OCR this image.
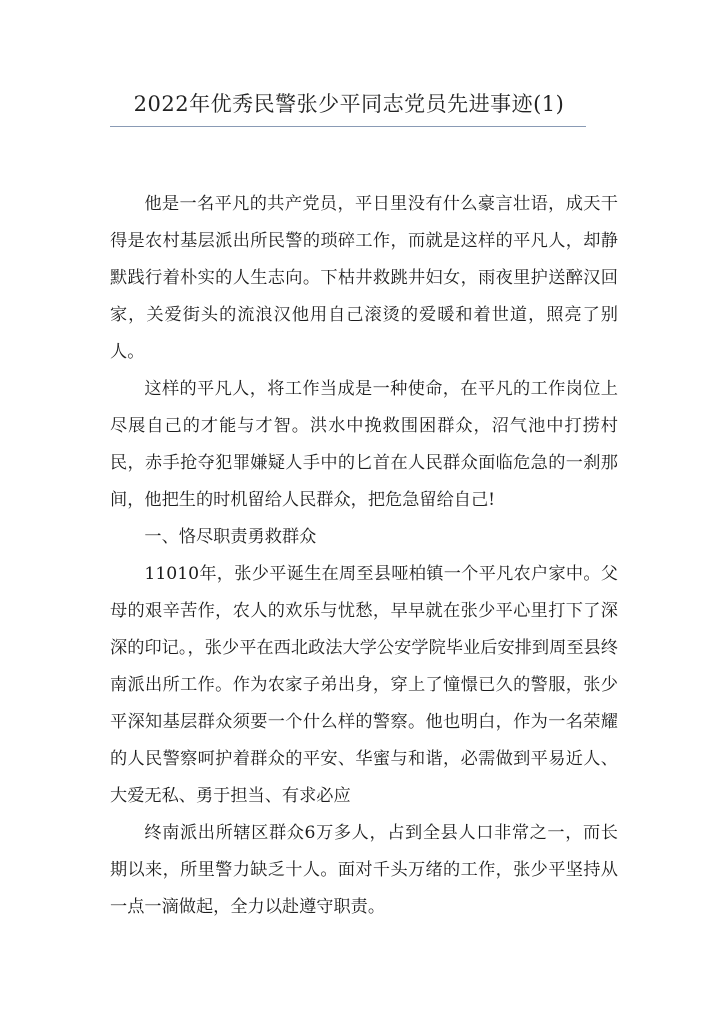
2022年优秀民警张少平同志党员先进事迹(1)

他是一名平凡的共产党员，平日里没有什么豪言壮语，成天干得是农村基层派出所民警的琐碎工作，而就是这样的平凡人，却静默践行着朴实的人生志向。下枯井救跳井妇女，雨夜里护送醉汉回家，关爱街头的流浪汉他用自己滚烫的爱暖和着世道，照亮了别人。

这样的平凡人，将工作当成是一种使命，在平凡的工作岗位上尽展自己的才能与才智。洪水中挽救围困群众，沼气池中打捞村民，赤手抢夺犯罪嫌疑人手中的匕首在人民群众面临危急的一刹那间，他把生的时机留给人民群众，把危急留给自己!

一、恪尽职责勇救群众

11010年，张少平诞生在周至县哑柏镇一个平凡农户家中。父母的艰辛苦作，农人的欢乐与忧愁，早早就在张少平心里打下了深深的印记。，张少平在西北政法大学公安学院毕业后安排到周至县终南派出所工作。作为农家子弟出身，穿上了憧憬已久的警服，张少平深知基层群众须要一个什么样的警察。他也明白，作为一名荣耀的人民警察呵护着群众的平安、华蜜与和谐，必需做到平易近人、大爱无私、勇于担当、有求必应

终南派出所辖区群众6万多人，占到全县人口非常之一，而长期以来，所里警力缺乏十人。面对千头万绪的工作，张少平坚持从一点一滴做起，全力以赴遵守职责。
